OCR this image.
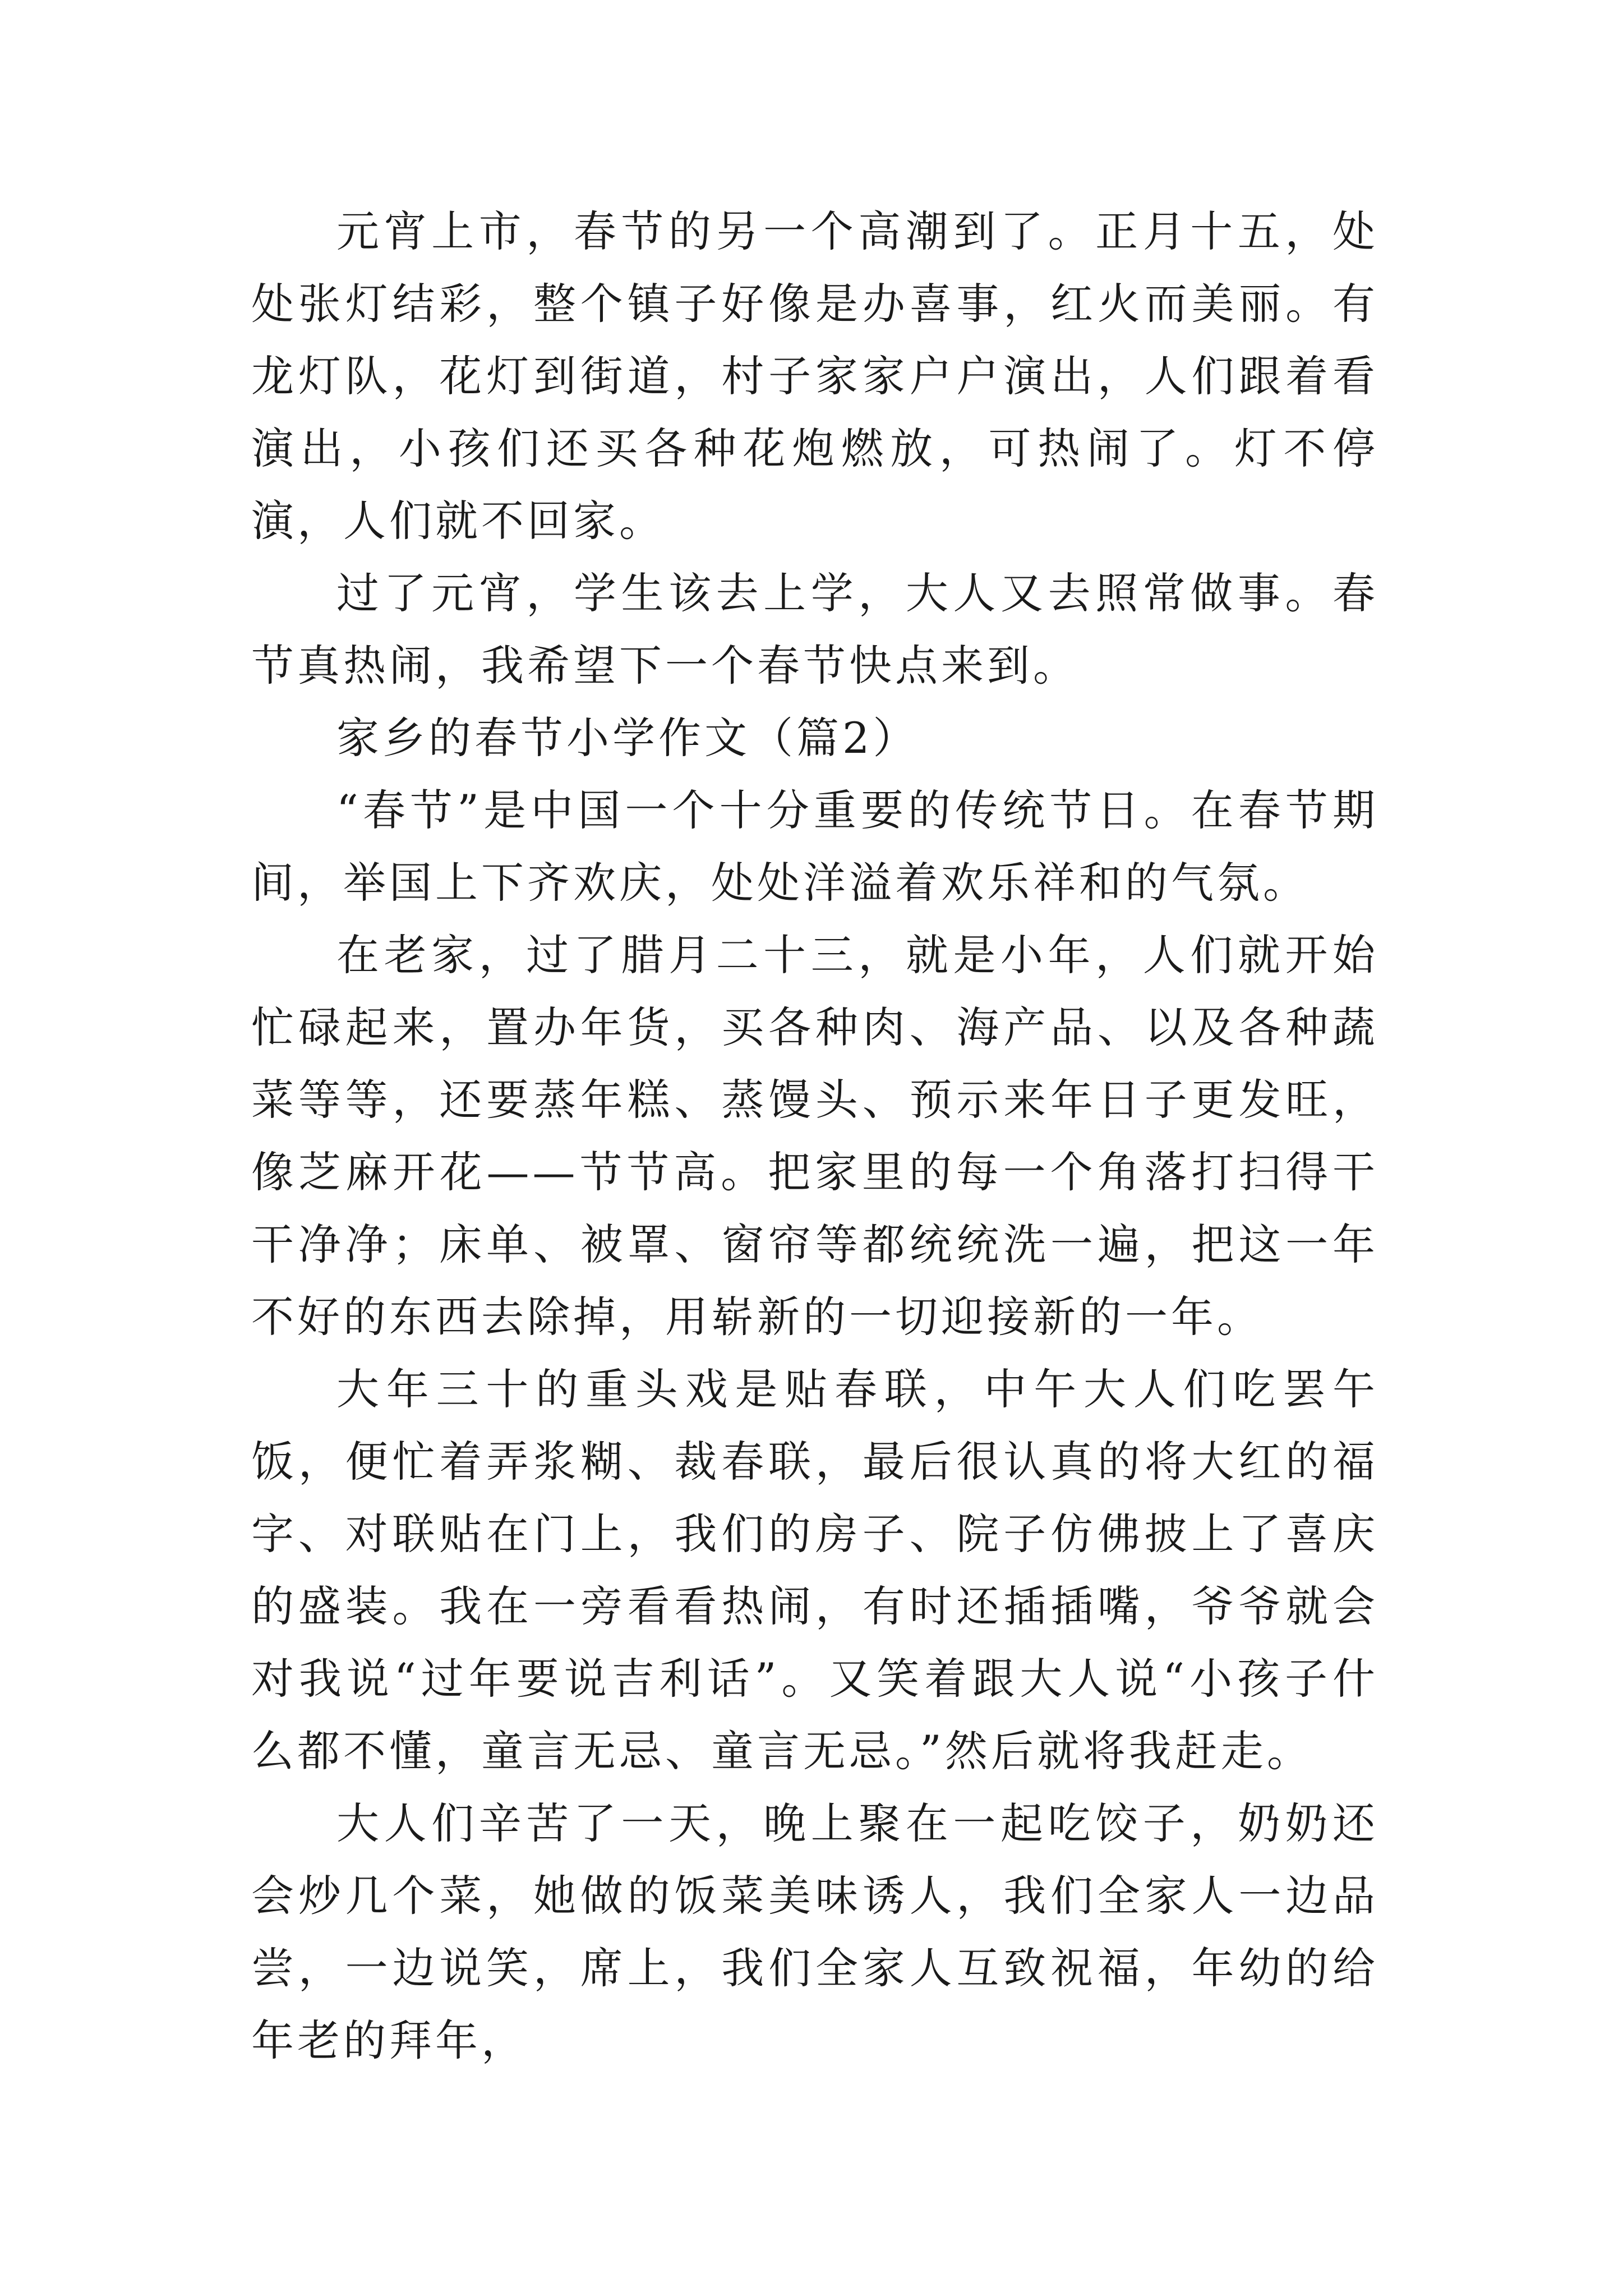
元宵上市，春节的另一个高潮到了。正月十五，处处张灯结彩，整个镇子好像是办喜事，红火而美丽。有龙灯队，花灯到街道，村子家家户户演出，人们跟着看演出，小孩们还买各种花炮燃放，可热闹了。灯不停演，人们就不回家。

过了元宵，学生该去上学，大人又去照常做事。春节真热闹，我希望下一个春节快点来到。

家乡的春节小学作文（篇2）

“春节”是中国一个十分重要的传统节日。在春节期间，举国上下齐欢庆，处处洋溢着欢乐祥和的气氛。

在老家，过了腊月二十三，就是小年，人们就开始忙碌起来，置办年货，买各种肉、海产品、以及各种蔬菜等等，还要蒸年糕、蒸馒头、预示来年日子更发旺，像芝麻开花——节节高。把家里的每一个角落打扫得干干净净；床单、被罩、窗帘等都统统洗一遍，把这一年不好的东西去除掉，用崭新的一切迎接新的一年。

大年三十的重头戏是贴春联，中午大人们吃罢午饭，便忙着弄浆糊、裁春联，最后很认真的将大红的福字、对联贴在门上，我们的房子、院子仿佛披上了喜庆的盛装。我在一旁看看热闹，有时还插插嘴，爷爷就会对我说“过年要说吉利话”。又笑着跟大人说“小孩子什么都不懂，童言无忌、童言无忌。”然后就将我赶走。

大人们辛苦了一天，晚上聚在一起吃饺子，奶奶还会炒几个菜，她做的饭菜美味诱人，我们全家人一边品尝，一边说笑，席上，我们全家人互致祝福，年幼的给年老的拜年，
